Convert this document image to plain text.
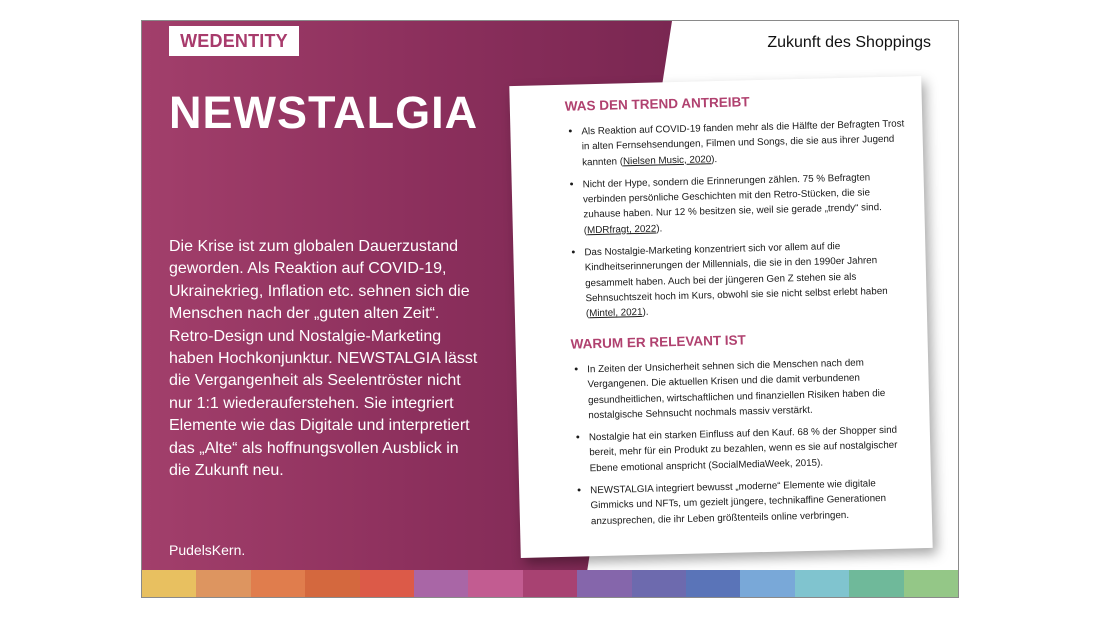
WEDENTITY
NEWSTALGIA

Die Krise ist zum globalen Dauerzustand geworden. Als Reaktion auf COVID-19, Ukrainekrieg, Inflation etc. sehnen sich die Menschen nach der „guten alten Zeit“. Retro-Design und Nostalgie-Marketing haben Hochkonjunktur. NEWSTALGIA lässt die Vergangenheit als Seelentröster nicht nur 1:1 wiederauferstehen. Sie integriert Elemente wie das Digitale und interpretiert das „Alte“ als hoffnungsvollen Ausblick in die Zukunft neu.

PudelsKern.
Zukunft des Shoppings
WAS DEN TREND ANTREIBT
• Als Reaktion auf COVID-19 fanden mehr als die Hälfte der Befragten Trost in alten Fernsehsendungen, Filmen und Songs, die sie aus ihrer Jugend kannten (Nielsen Music, 2020).
• Nicht der Hype, sondern die Erinnerungen zählen. 75 % Befragten verbinden persönliche Geschichten mit den Retro-Stücken, die sie zuhause haben. Nur 12 % besitzen sie, weil sie gerade „trendy“ sind. (MDRfragt, 2022).
• Das Nostalgie-Marketing konzentriert sich vor allem auf die Kindheitserinnerungen der Millennials, die sie in den 1990er Jahren gesammelt haben. Auch bei der jüngeren Gen Z stehen sie als Sehnsuchtszeit hoch im Kurs, obwohl sie sie nicht selbst erlebt haben (Mintel, 2021).
WARUM ER RELEVANT IST
• In Zeiten der Unsicherheit sehnen sich die Menschen nach dem Vergangenen. Die aktuellen Krisen und die damit verbundenen gesundheitlichen, wirtschaftlichen und finanziellen Risiken haben die nostalgische Sehnsucht nochmals massiv verstärkt.
• Nostalgie hat ein starken Einfluss auf den Kauf. 68 % der Shopper sind bereit, mehr für ein Produkt zu bezahlen, wenn es sie auf nostalgischer Ebene emotional anspricht (SocialMediaWeek, 2015).
• NEWSTALGIA integriert bewusst „moderne“ Elemente wie digitale Gimmicks und NFTs, um gezielt jüngere, technikaffine Generationen anzusprechen, die ihr Leben größtenteils online verbringen.
